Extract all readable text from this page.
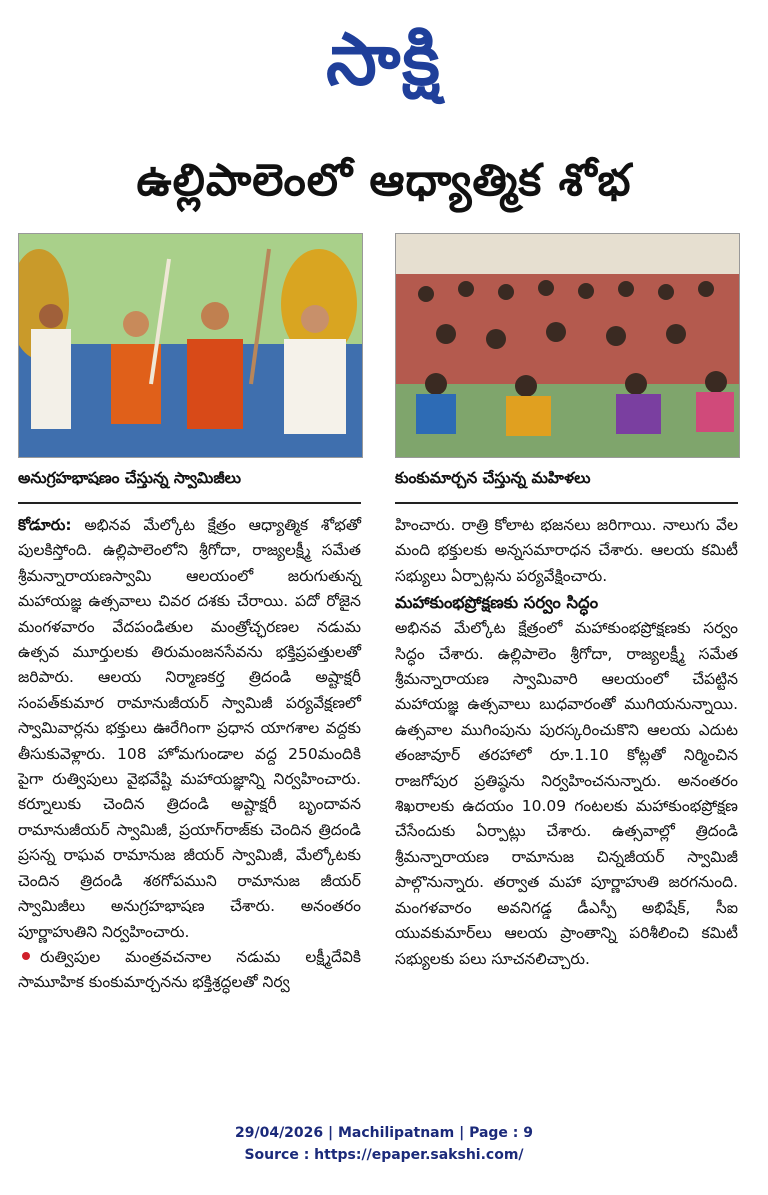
సాక్షి
ఉల్లిపాలెంలో ఆధ్యాత్మిక శోభ
అనుగ్రహభాషణం చేస్తున్న స్వామిజీలు	కుంకుమార్చన చేస్తున్న మహిళలు

కోడూరు: అభినవ మేల్కోట క్షేత్రం ఆధ్యాత్మిక శోభతో పులకిస్తోంది. ఉల్లిపాలెంలోని శ్రీగోదా, రాజ్యలక్ష్మీ సమేత శ్రీమన్నారాయణస్వామి ఆలయంలో జరుగుతున్న మహాయజ్ఞ ఉత్సవాలు చివర దశకు చేరాయి. పదో రోజైన మంగళవారం వేదపండితుల మంత్రోచ్ఛరణల నడుమ ఉత్సవ మూర్తులకు తిరుమంజనసేవను భక్తిప్రపత్తులతో జరిపారు. ఆలయ నిర్మాణకర్త త్రిదండి అష్టాక్షరీ సంపత్‌కుమార రామానుజీయర్ స్వామిజీ పర్యవేక్షణలో స్వామివార్లను భక్తులు ఊరేగింగా ప్రధాన యాగశాల వద్దకు తీసుకువెళ్లారు. 108 హోమగుండాల వద్ద 250మందికి పైగా రుత్విపులు వైభవేష్టి మహాయజ్ఞాన్ని నిర్వహించారు. కర్నూలుకు చెందిన త్రిదండి అష్టాక్షరీ బృందావన రామానుజీయర్ స్వామిజీ, ప్రయాగ్‌రాజ్‌కు చెందిన త్రిదండి ప్రసన్న రాఘవ రామానుజ జీయర్ స్వామిజీ, మేల్కోటకు చెందిన త్రిదండి శఠగోపముని రామానుజ జీయర్ స్వామిజీలు అనుగ్రహభాషణ చేశారు. అనంతరం పూర్ణాహుతిని నిర్వహించారు.

రుత్విపుల మంత్రవచనాల నడుమ లక్ష్మీదేవికి సామూహిక కుంకుమార్చనను భక్తిశ్రద్ధలతో నిర్వ

హించారు. రాత్రి కోలాట భజనలు జరిగాయి. నాలుగు వేల మంది భక్తులకు అన్నసమారాధన చేశారు. ఆలయ కమిటీ సభ్యులు ఏర్పాట్లను పర్యవేక్షించారు.

మహాకుంభప్రోక్షణకు సర్వం సిద్ధం

అభినవ మేల్కోట క్షేత్రంలో మహాకుంభప్రోక్షణకు సర్వం సిద్ధం చేశారు. ఉల్లిపాలెం శ్రీగోదా, రాజ్యలక్ష్మీ సమేత శ్రీమన్నారాయణ స్వామివారి ఆలయంలో చేపట్టిన మహాయజ్ఞ ఉత్సవాలు బుధవారంతో ముగియనున్నాయి. ఉత్సవాల ముగింపును పురస్కరించుకొని ఆలయ ఎదుట తంజావూర్ తరహాలో రూ.1.10 కోట్లతో నిర్మించిన రాజగోపుర ప్రతిష్ఠను నిర్వహించనున్నారు. అనంతరం శిఖరాలకు ఉదయం 10.09 గంటలకు మహాకుంభప్రోక్షణ చేసేందుకు ఏర్పాట్లు చేశారు. ఉత్సవాల్లో త్రిదండి శ్రీమన్నారాయణ రామానుజ చిన్నజీయర్ స్వామిజీ పాల్గొనున్నారు. తర్వాత మహా పూర్ణాహుతి జరగనుంది. మంగళవారం అవనిగడ్డ డీఎస్పీ అభిషేక్, సీఐ యువకుమార్‌లు ఆలయ ప్రాంతాన్ని పరిశీలించి కమిటీ సభ్యులకు పలు సూచనలిచ్చారు.

29/04/2026 | Machilipatnam | Page : 9
Source : https://epaper.sakshi.com/
